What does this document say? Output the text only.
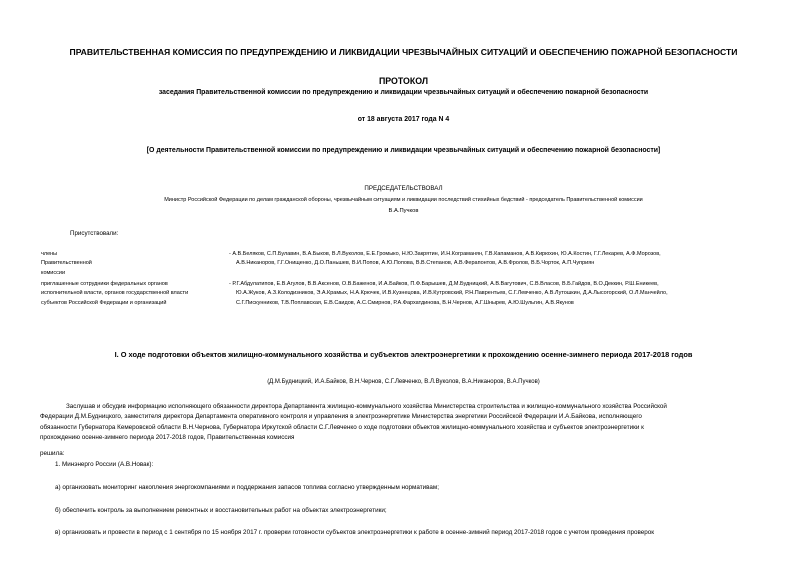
ПРАВИТЕЛЬСТВЕННАЯ КОМИССИЯ ПО ПРЕДУПРЕЖДЕНИЮ И ЛИКВИДАЦИИ ЧРЕЗВЫЧАЙНЫХ СИТУАЦИЙ И ОБЕСПЕЧЕНИЮ ПОЖАРНОЙ БЕЗОПАСНОСТИ
ПРОТОКОЛ
заседания Правительственной комиссии по предупреждению и ликвидации чрезвычайных ситуаций и обеспечению пожарной безопасности
от 18 августа 2017 года N 4
[О деятельности Правительственной комиссии по предупреждению и ликвидации чрезвычайных ситуаций и обеспечению пожарной безопасности]
ПРЕДСЕДАТЕЛЬСТВОВАЛ
Министр Российской Федерации по делам гражданской обороны, чрезвычайным ситуациям и ликвидации последствий стихийных бедствий - председатель Правительственной комиссии
В.А.Пучков
Присутствовали:
члены
Правительственной
комиссии
- А.В.Беляков, С.П.Булавин, В.А.Быков, В.Л.Вуколов, Е.Е.Громыко, Н.Ю.Закрятин, И.Н.Кограманян, Г.В.Капаманов, А.В.Кирюхин, Ю.А.Костин, Г.Г.Лекарев, А.Ф.Морозов,
А.В.Никаноров, Г.Г.Онищенко, Д.О.Паньшев, В.И.Попов, А.Ю.Попова, В.В.Степанов, А.В.Ферапонтов, А.В.Фролов, В.Б.Чорток, А.П.Чуприян
приглашенные сотрудники федеральных органов
исполнительной власти, органов государственной власти
субъектов Российской Федерации и организаций
- Р.Г.Абдулатипов, Е.В.Агулов, В.В.Аксенов, О.В.Баженов, И.А.Байков, П.Ф.Барышев, Д.М.Будницкий, А.В.Вагутович, С.В.Власов, В.Б.Гайдов, В.О.Деккин, Р.Ш.Еникеев,
Ю.А.Жуков, А.З.Колодизников, Э.А.Крамых, Н.А.Крючек, И.В.Кузнецова, И.В.Кутровский, Р.Н.Паврентьев, С.Г.Левченко, А.В.Лутошкин, Д.А.Лысогорский, О.Л.Манчейло,
С.Г.Пискунников, Т.В.Поплавская, Е.В.Саидов, А.С.Смирнов, Р.А.Фархатдинова, В.Н.Чернов, А.Г.Шнырев, А.Ю.Шульгин, А.В.Якунов
I. О ходе подготовки объектов жилищно-коммунального хозяйства и субъектов электроэнергетики к прохождению осенне-зимнего периода 2017-2018 годов
(Д.М.Будницкий, И.А.Байков, В.Н.Чернов, С.Г.Левченко, В.Л.Вуколов, В.А.Никаноров, В.А.Пучков)
Заслушав и обсудив информацию исполняющего обязанности директора Департамента жилищно-коммунального хозяйства Министерства строительства и жилищно-коммунального хозяйства Российской
Федерации Д.М.Будницкого, заместителя директора Департамента оперативного контроля и управления в электроэнергетике Министерства энергетики Российской Федерации И.А.Байкова, исполняющего
обязанности Губернатора Кемеровской области В.Н.Чернова, Губернатора Иркутской области С.Г.Левченко о ходе подготовки объектов жилищно-коммунального хозяйства и субъектов электроэнергетики к
прохождению осенне-зимнего периода 2017-2018 годов, Правительственная комиссия
решила:
1. Минэнерго России (А.В.Новак):
а) организовать мониторинг накопления энергокомпаниями и поддержания запасов топлива согласно утвержденным нормативам;
б) обеспечить контроль за выполнением ремонтных и восстановительных работ на объектах электроэнергетики;
в) организовать и провести в период с 1 сентября по 15 ноября 2017 г. проверки готовности субъектов электроэнергетики к работе в осенне-зимний период 2017-2018 годов с учетом проведения проверок
